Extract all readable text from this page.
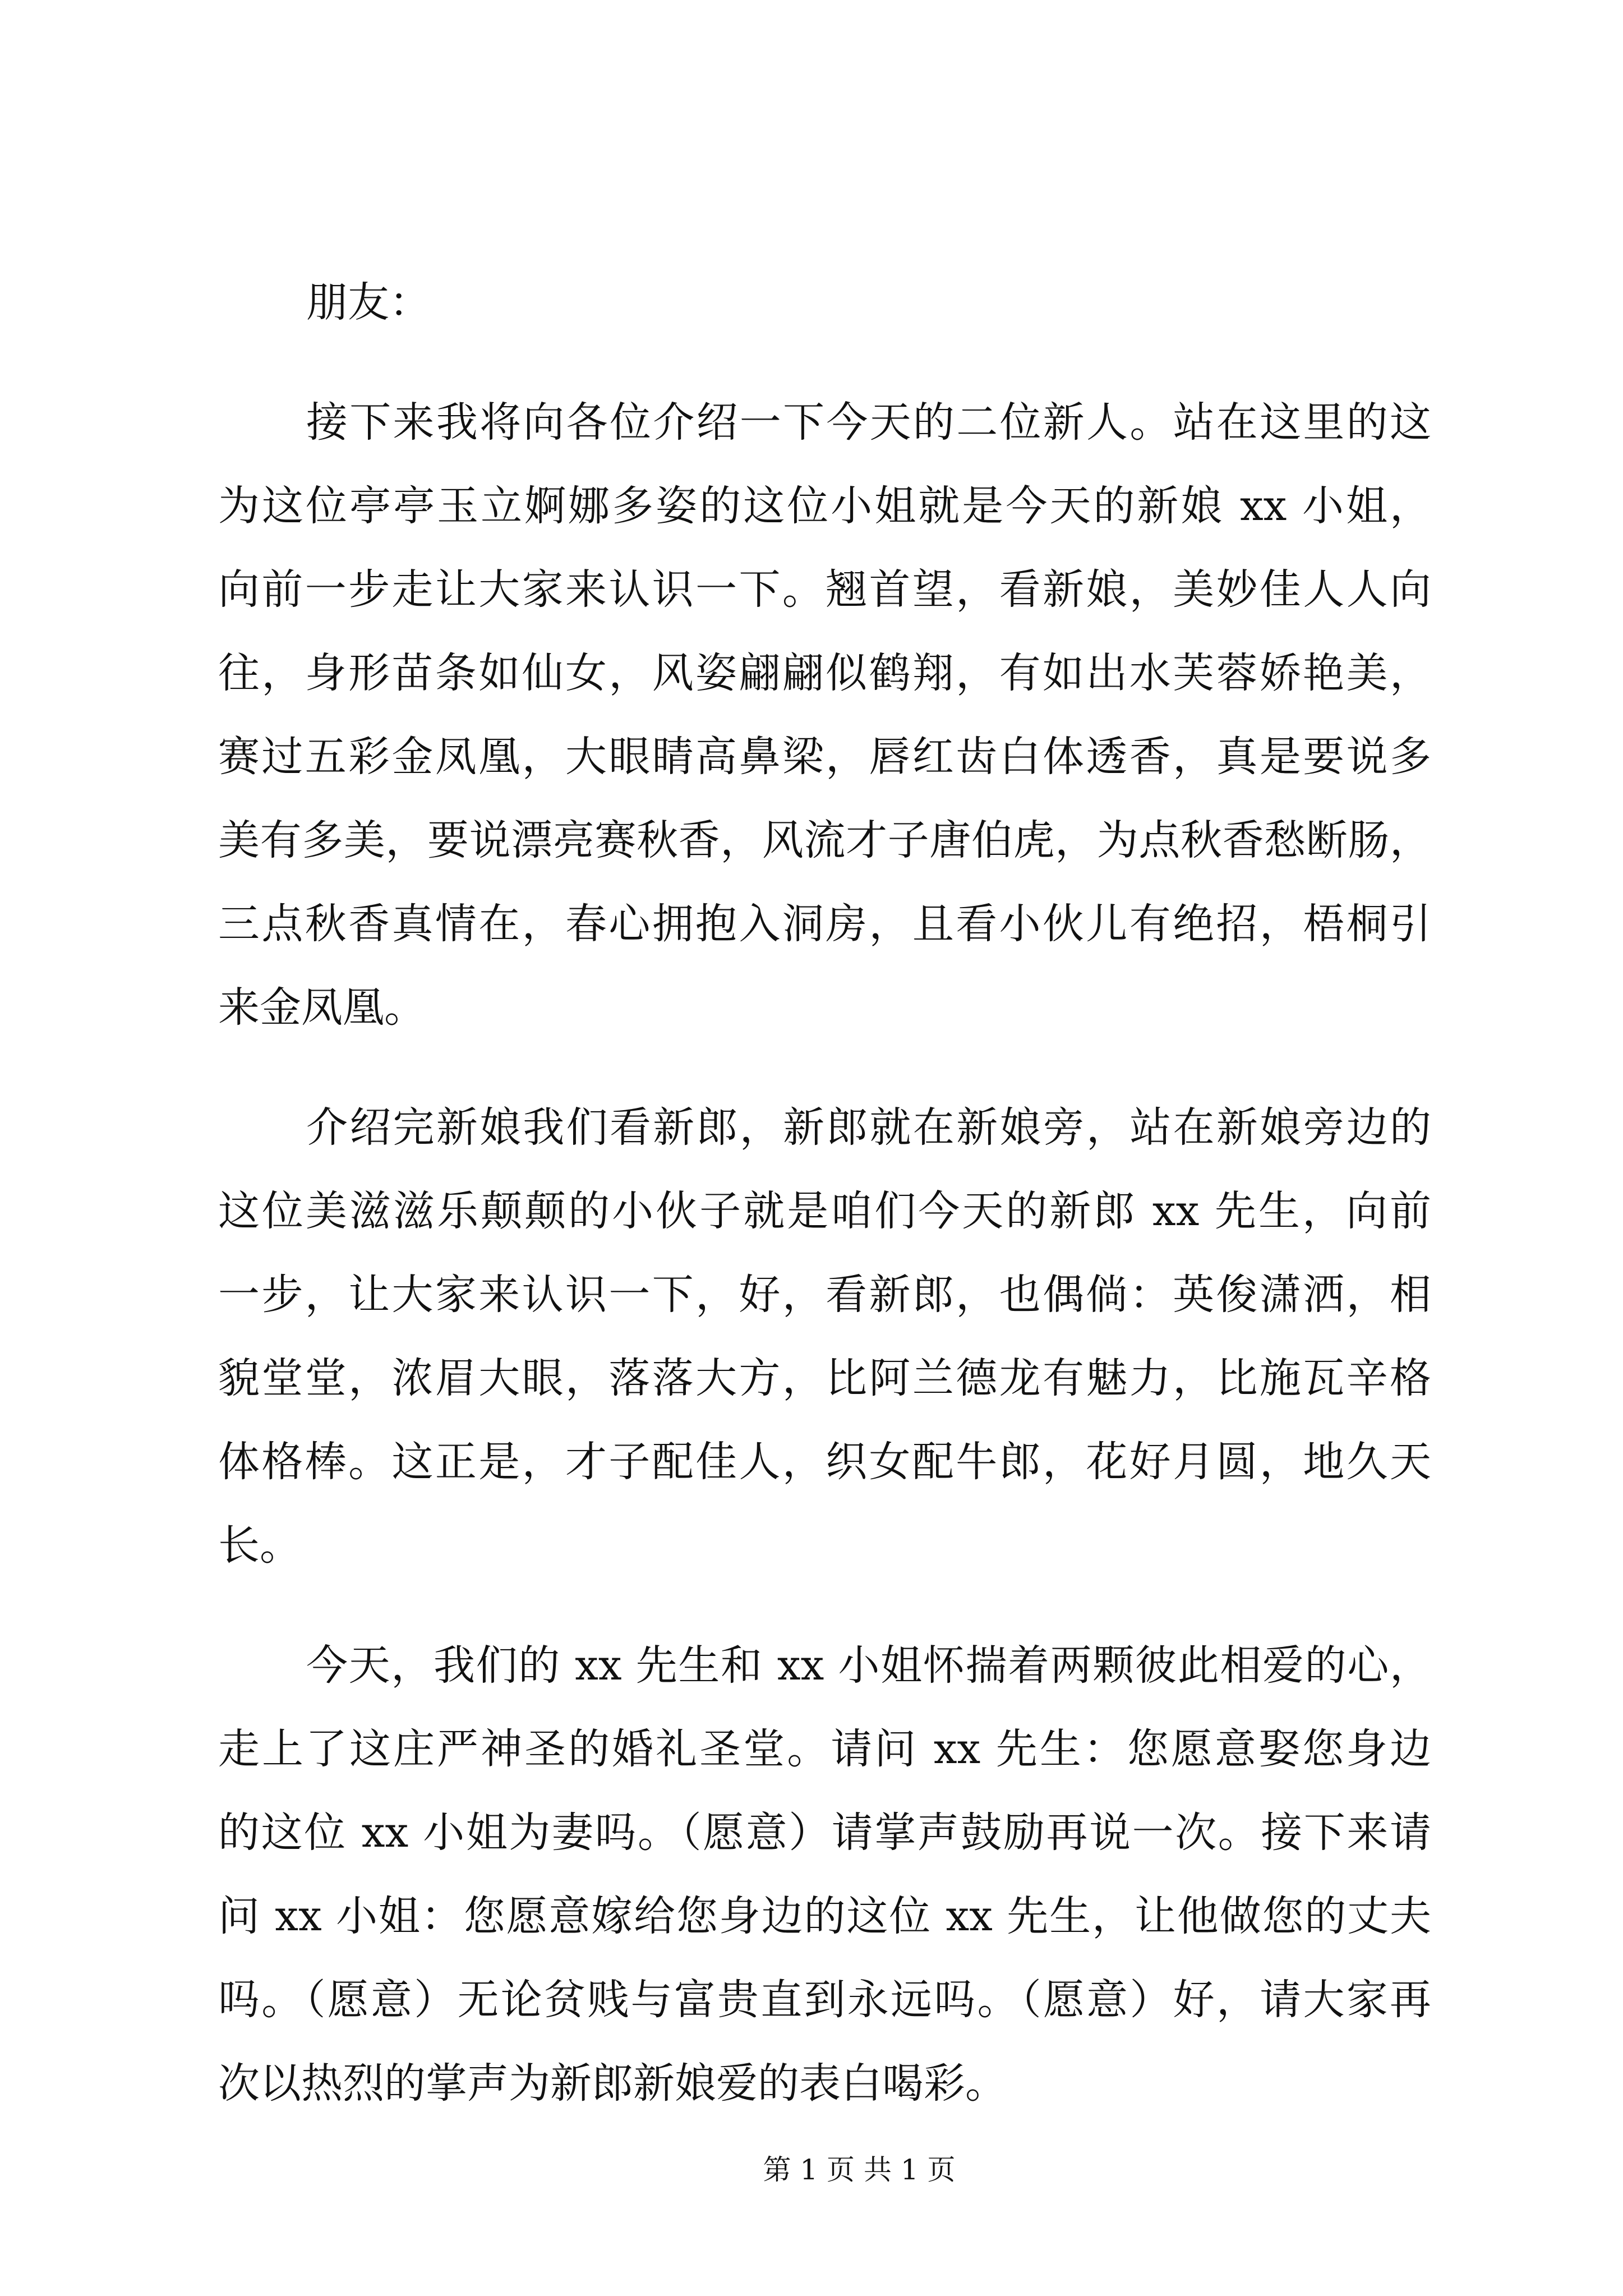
朋友：
接下来我将向各位介绍一下今天的二位新人。站在这里的这
为这位亭亭玉立婀娜多姿的这位小姐就是今天的新娘 xx 小姐，
向前一步走让大家来认识一下。翘首望，看新娘，美妙佳人人向
往，身形苗条如仙女，风姿翩翩似鹤翔，有如出水芙蓉娇艳美，
赛过五彩金凤凰，大眼睛高鼻梁，唇红齿白体透香，真是要说多
美有多美，要说漂亮赛秋香，风流才子唐伯虎，为点秋香愁断肠，
三点秋香真情在，春心拥抱入洞房，且看小伙儿有绝招，梧桐引
来金凤凰。
介绍完新娘我们看新郎，新郎就在新娘旁，站在新娘旁边的
这位美滋滋乐颠颠的小伙子就是咱们今天的新郎 xx 先生，向前
一步，让大家来认识一下，好，看新郎，也偶倘：英俊潇洒，相
貌堂堂，浓眉大眼，落落大方，比阿兰德龙有魅力，比施瓦辛格
体格棒。这正是，才子配佳人，织女配牛郎，花好月圆，地久天
长。
今天，我们的 xx 先生和 xx 小姐怀揣着两颗彼此相爱的心，
走上了这庄严神圣的婚礼圣堂。请问 xx 先生：您愿意娶您身边
的这位 xx 小姐为妻吗。（愿意）请掌声鼓励再说一次。接下来请
问 xx 小姐：您愿意嫁给您身边的这位 xx 先生，让他做您的丈夫
吗。（愿意）无论贫贱与富贵直到永远吗。（愿意）好，请大家再
次以热烈的掌声为新郎新娘爱的表白喝彩。
第 1 页 共 1 页
